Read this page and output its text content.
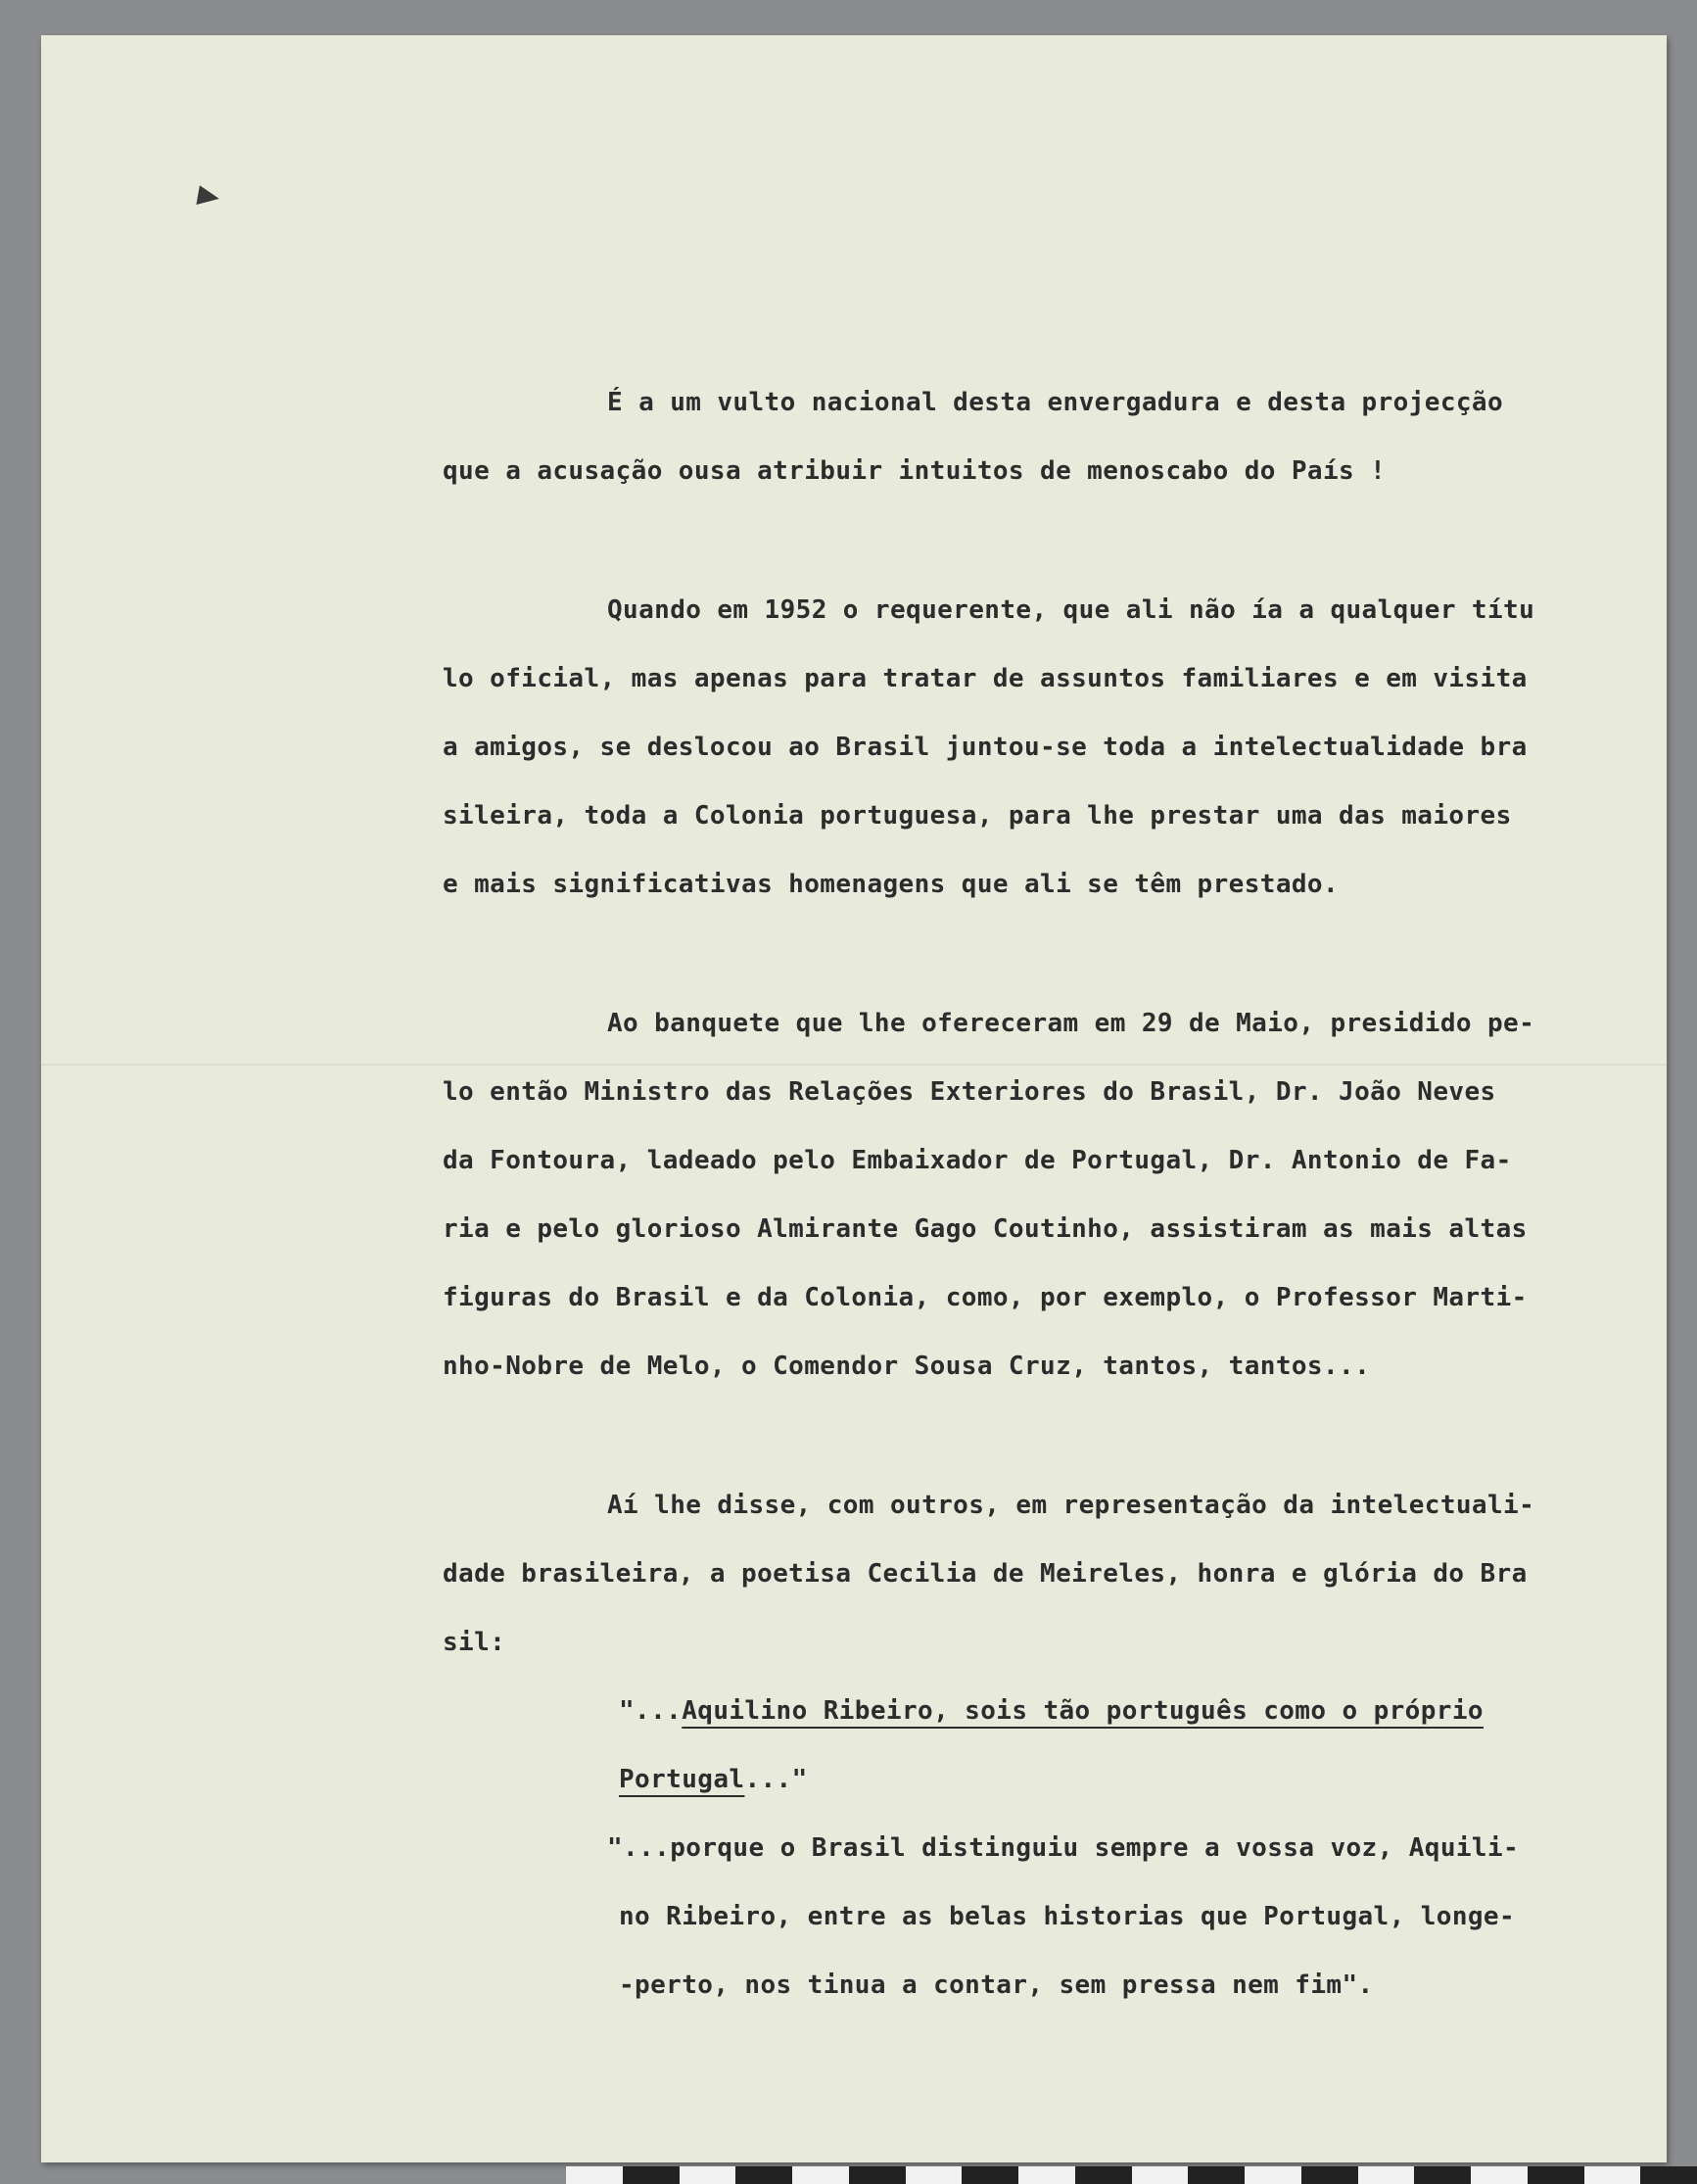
É a um vulto nacional desta envergadura e desta projecção
que a acusação ousa atribuir intuitos de menoscabo do País !
Quando em 1952 o requerente, que ali não ía a qualquer títu
lo oficial, mas apenas para tratar de assuntos familiares e em visita
a amigos, se deslocou ao Brasil juntou-se toda a intelectualidade bra
sileira, toda a Colonia portuguesa, para lhe prestar uma das maiores
e mais significativas homenagens que ali se têm prestado.
Ao banquete que lhe ofereceram em 29 de Maio, presidido pe-
lo então Ministro das Relações Exteriores do Brasil, Dr. João Neves
da Fontoura, ladeado pelo Embaixador de Portugal, Dr. Antonio de Fa-
ria e pelo glorioso Almirante Gago Coutinho, assistiram as mais altas
figuras do Brasil e da Colonia, como, por exemplo, o Professor Marti-
nho-Nobre de Melo, o Comendor Sousa Cruz, tantos, tantos...
Aí lhe disse, com outros, em representação da intelectuali-
dade brasileira, a poetisa Cecilia de Meireles, honra e glória do Bra
sil:
"...Aquilino Ribeiro, sois tão português como o próprio
Portugal..."
"...porque o Brasil distinguiu sempre a vossa voz, Aquili-
no Ribeiro, entre as belas historias que Portugal, longe-
-perto, nos tinua a contar, sem pressa nem fim".
